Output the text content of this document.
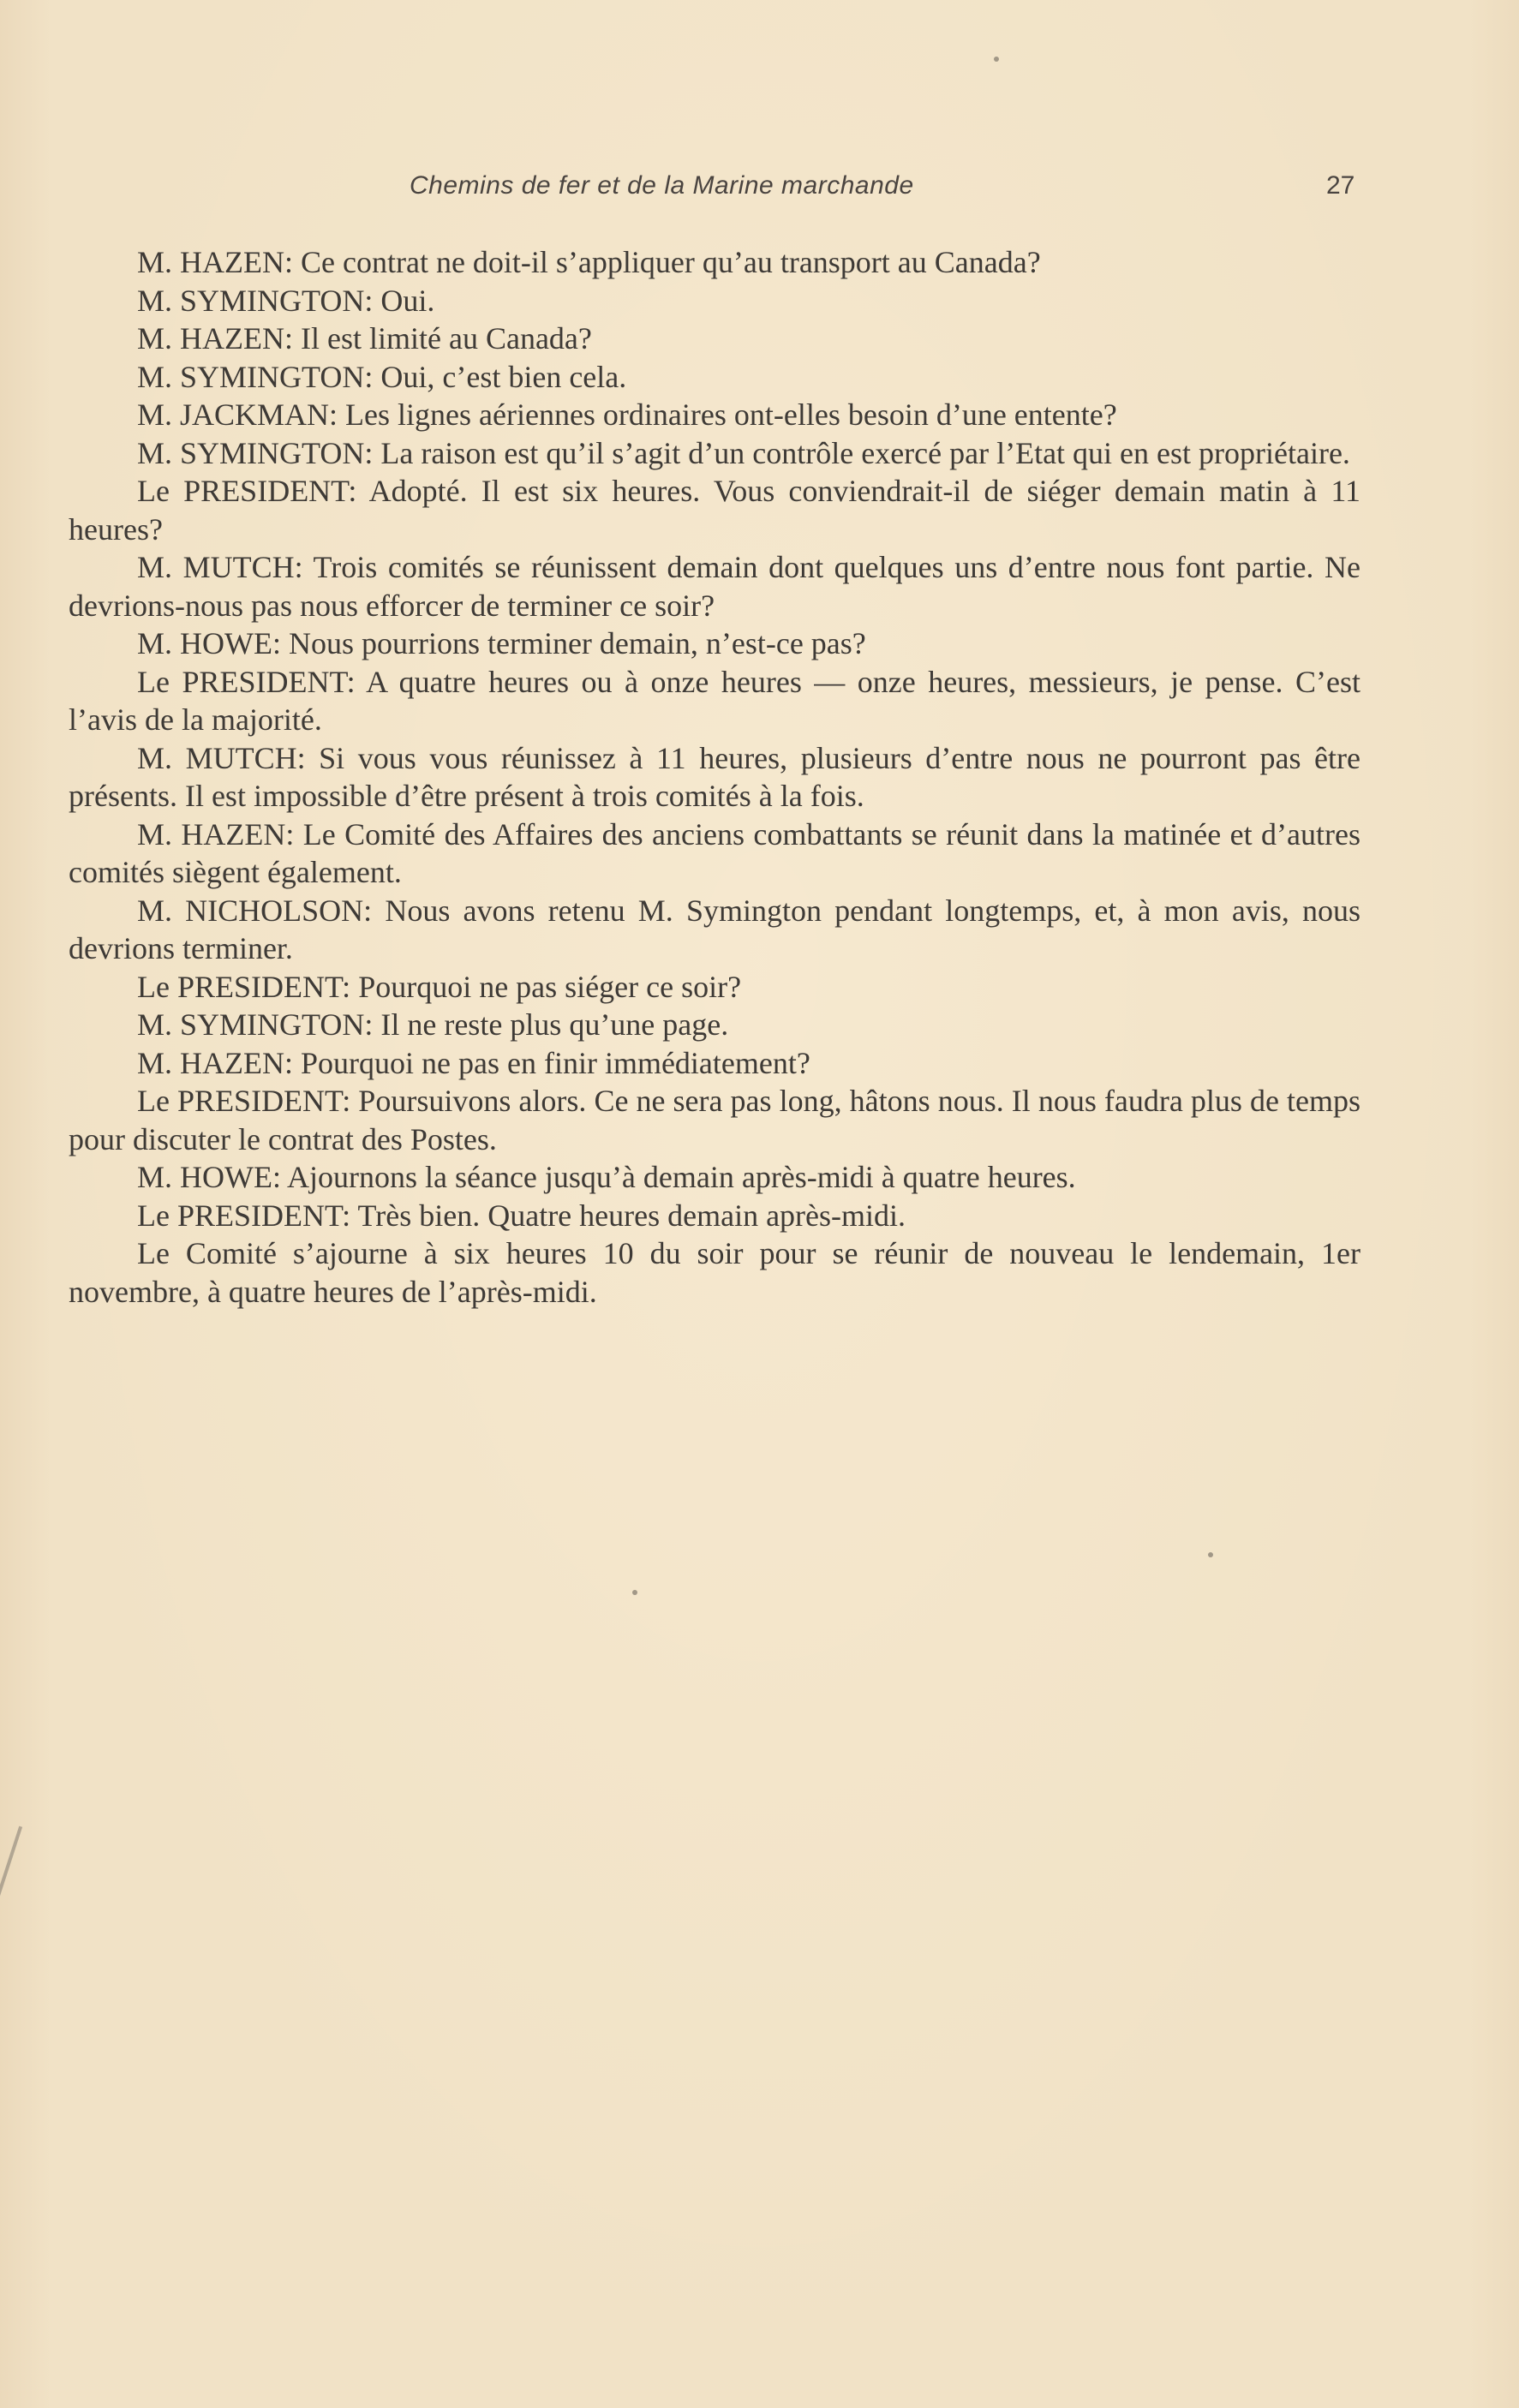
Chemins de fer et de la Marine marchande	27

M. HAZEN: Ce contrat ne doit-il s’appliquer qu’au transport au Canada?

M. SYMINGTON: Oui.

M. HAZEN: Il est limité au Canada?

M. SYMINGTON: Oui, c’est bien cela.

M. JACKMAN: Les lignes aériennes ordinaires ont-elles besoin d’une entente?

M. SYMINGTON: La raison est qu’il s’agit d’un contrôle exercé par l’Etat qui en est propriétaire.

Le PRESIDENT: Adopté. Il est six heures. Vous conviendrait-il de siéger demain matin à 11 heures?

M. MUTCH: Trois comités se réunissent demain dont quelques uns d’entre nous font partie. Ne devrions-nous pas nous efforcer de terminer ce soir?

M. HOWE: Nous pourrions terminer demain, n’est-ce pas?

Le PRESIDENT: A quatre heures ou à onze heures — onze heures, messieurs, je pense. C’est l’avis de la majorité.

M. MUTCH: Si vous vous réunissez à 11 heures, plusieurs d’entre nous ne pourront pas être présents. Il est impossible d’être présent à trois comités à la fois.

M. HAZEN: Le Comité des Affaires des anciens combattants se réunit dans la matinée et d’autres comités siègent également.

M. NICHOLSON: Nous avons retenu M. Symington pendant longtemps, et, à mon avis, nous devrions terminer.

Le PRESIDENT: Pourquoi ne pas siéger ce soir?

M. SYMINGTON: Il ne reste plus qu’une page.

M. HAZEN: Pourquoi ne pas en finir immédiatement?

Le PRESIDENT: Poursuivons alors. Ce ne sera pas long, hâtons nous. Il nous faudra plus de temps pour discuter le contrat des Postes.

M. HOWE: Ajournons la séance jusqu’à demain après-midi à quatre heures.

Le PRESIDENT: Très bien. Quatre heures demain après-midi.

Le Comité s’ajourne à six heures 10 du soir pour se réunir de nouveau le lendemain, 1er novembre, à quatre heures de l’après-midi.
